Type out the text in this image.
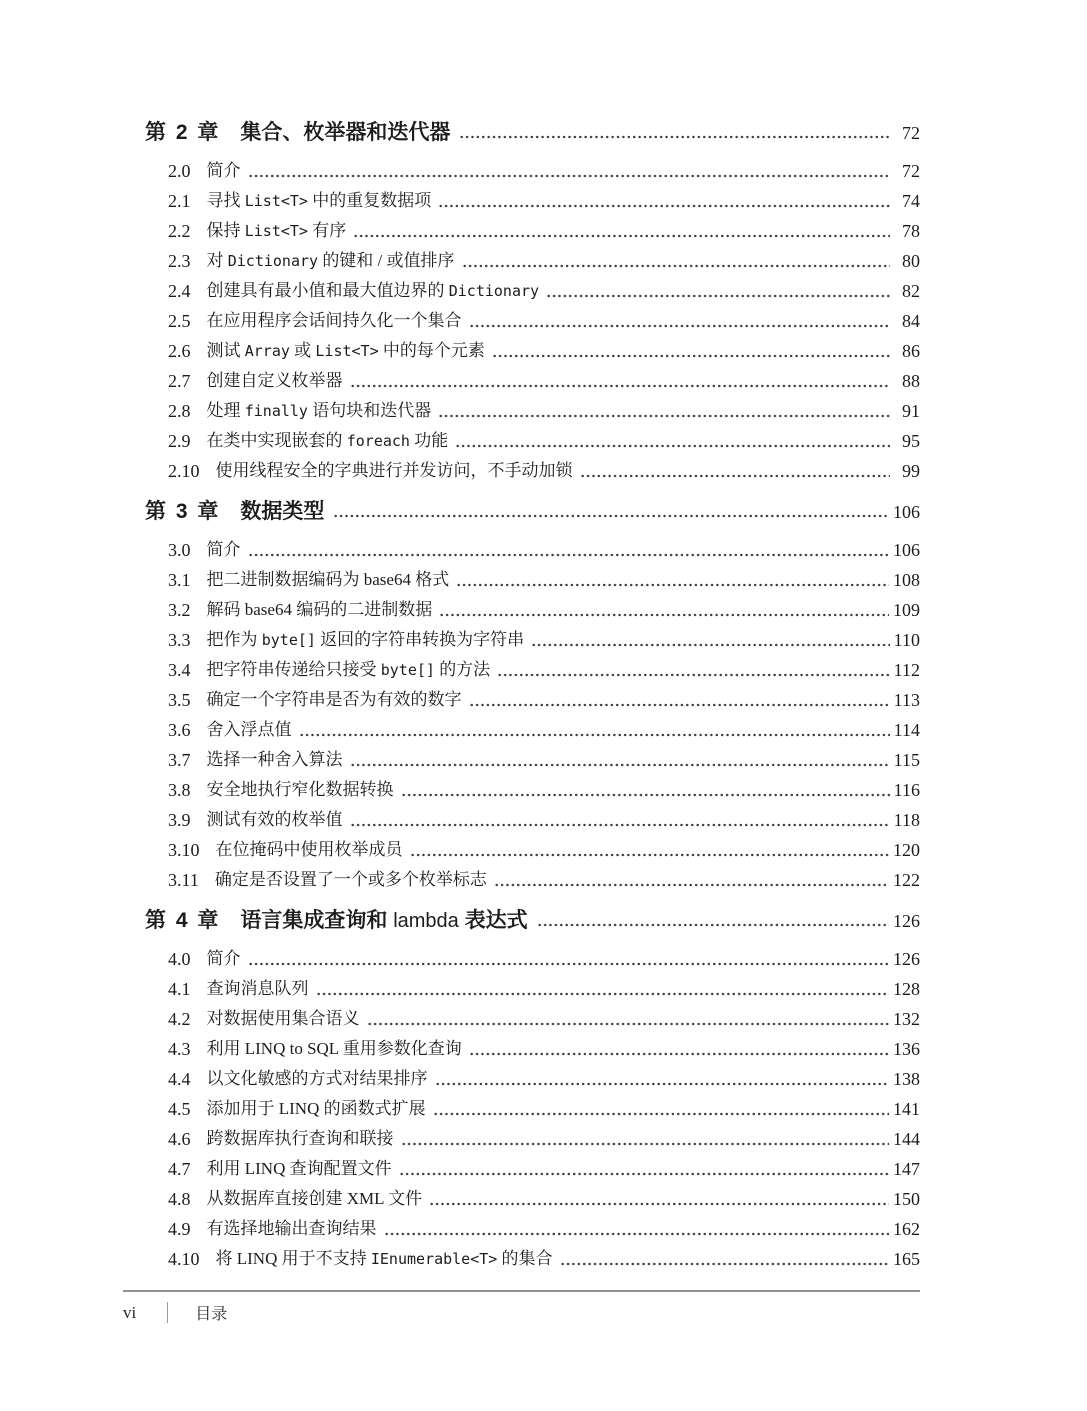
第 2 章 集合、枚举器和迭代器	72
2.0 简介	72
2.1 寻找 List<T> 中的重复数据项	74
2.2 保持 List<T> 有序	78
2.3 对 Dictionary 的键和 / 或值排序	80
2.4 创建具有最小值和最大值边界的 Dictionary	82
2.5 在应用程序会话间持久化一个集合	84
2.6 测试 Array 或 List<T> 中的每个元素	86
2.7 创建自定义枚举器	88
2.8 处理 finally 语句块和迭代器	91
2.9 在类中实现嵌套的 foreach 功能	95
2.10 使用线程安全的字典进行并发访问，不手动加锁	99
第 3 章 数据类型	106
3.0 简介	106
3.1 把二进制数据编码为 base64 格式	108
3.2 解码 base64 编码的二进制数据	109
3.3 把作为 byte[] 返回的字符串转换为字符串	110
3.4 把字符串传递给只接受 byte[] 的方法	112
3.5 确定一个字符串是否为有效的数字	113
3.6 舍入浮点值	114
3.7 选择一种舍入算法	115
3.8 安全地执行窄化数据转换	116
3.9 测试有效的枚举值	118
3.10 在位掩码中使用枚举成员	120
3.11 确定是否设置了一个或多个枚举标志	122
第 4 章 语言集成查询和 lambda 表达式	126
4.0 简介	126
4.1 查询消息队列	128
4.2 对数据使用集合语义	132
4.3 利用 LINQ to SQL 重用参数化查询	136
4.4 以文化敏感的方式对结果排序	138
4.5 添加用于 LINQ 的函数式扩展	141
4.6 跨数据库执行查询和联接	144
4.7 利用 LINQ 查询配置文件	147
4.8 从数据库直接创建 XML 文件	150
4.9 有选择地输出查询结果	162
4.10 将 LINQ 用于不支持 IEnumerable<T> 的集合	165
vi	目录
